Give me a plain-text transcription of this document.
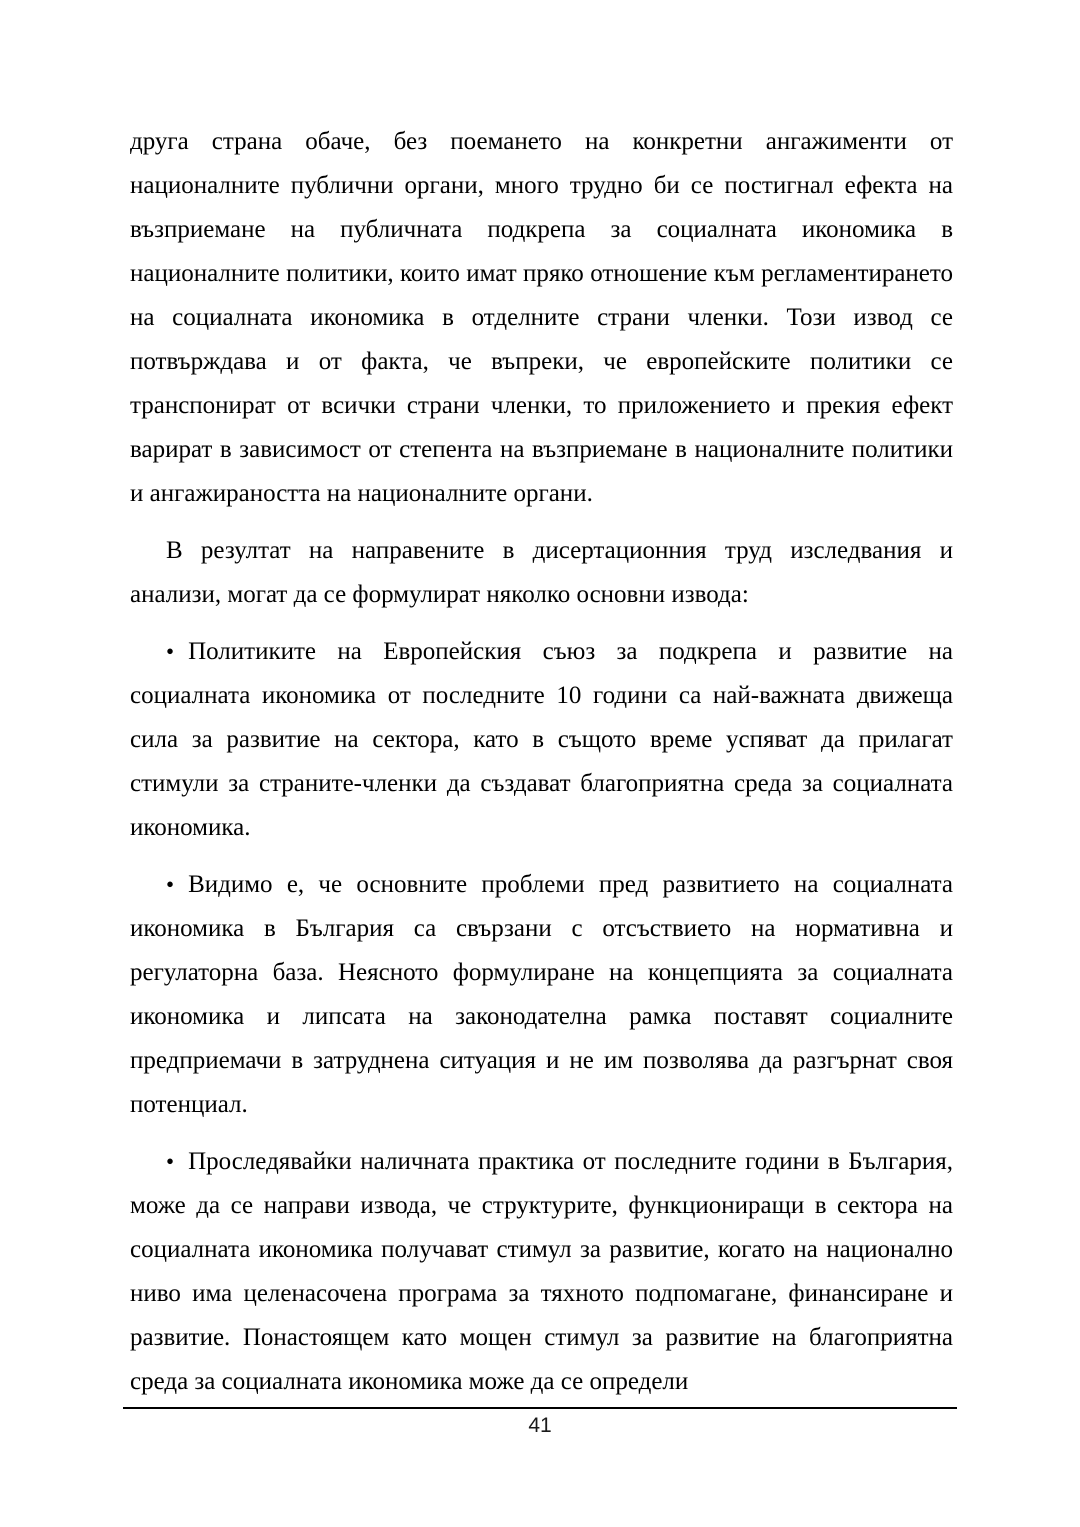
друга страна обаче, без поемането на конкретни ангажименти от националните публични органи, много трудно би се постигнал ефекта на възприемане на публичната подкрепа за социалната икономика в националните политики, които имат пряко отношение към регламентирането на социалната икономика в отделните страни членки. Този извод се потвърждава и от факта, че въпреки, че европейските политики се транспонират от всички страни членки, то приложението и прекия ефект варират в зависимост от степента на възприемане в националните политики и ангажираността на националните органи.

В резултат на направените в дисертационния труд изследвания и анализи, могат да се формулират няколко основни извода:

• Политиките на Европейския съюз за подкрепа и развитие на социалната икономика от последните 10 години са най-важната движеща сила за развитие на сектора, като в същото време успяват да прилагат стимули за страните-членки да създават благоприятна среда за социалната икономика.

• Видимо е, че основните проблеми пред развитието на социалната икономика в България са свързани с отсъствието на нормативна и регулаторна база. Неясното формулиране на концепцията за социалната икономика и липсата на законодателна рамка поставят социалните предприемачи в затруднена ситуация и не им позволява да разгърнат своя потенциал.

• Проследявайки наличната практика от последните години в България, може да се направи извода, че структурите, функциониращи в сектора на социалната икономика получават стимул за развитие, когато на национално ниво има целенасочена програма за тяхното подпомагане, финансиране и развитие. Понастоящем като мощен стимул за развитие на благоприятна среда за социалната икономика може да се определи

41
